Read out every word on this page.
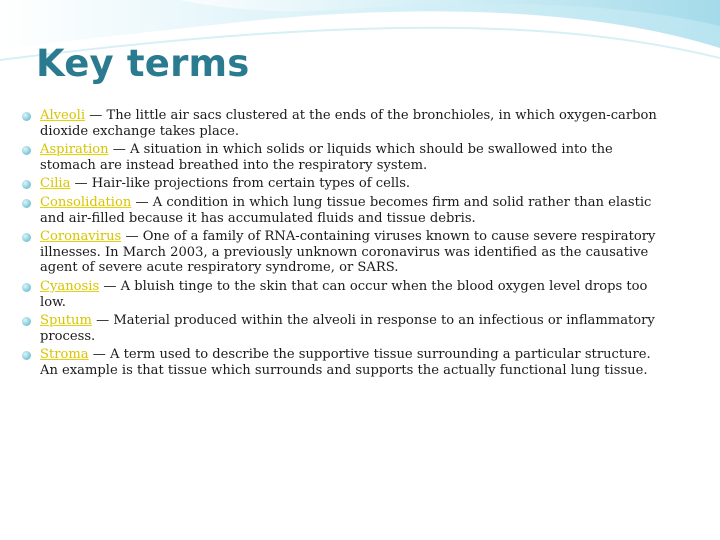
Key terms
Alveoli — The little air sacs clustered at the ends of the bronchioles, in which oxygen-carbon dioxide exchange takes place.
Aspiration — A situation in which solids or liquids which should be swallowed into the stomach are instead breathed into the respiratory system.
Cilia — Hair-like projections from certain types of cells.
Consolidation — A condition in which lung tissue becomes firm and solid rather than elastic and air-filled because it has accumulated fluids and tissue debris.
Coronavirus — One of a family of RNA-containing viruses known to cause severe respiratory illnesses. In March 2003, a previously unknown coronavirus was identified as the causative agent of severe acute respiratory syndrome, or SARS.
Cyanosis — A bluish tinge to the skin that can occur when the blood oxygen level drops too low.
Sputum — Material produced within the alveoli in response to an infectious or inflammatory process.
Stroma — A term used to describe the supportive tissue surrounding a particular structure. An example is that tissue which surrounds and supports the actually functional lung tissue.
